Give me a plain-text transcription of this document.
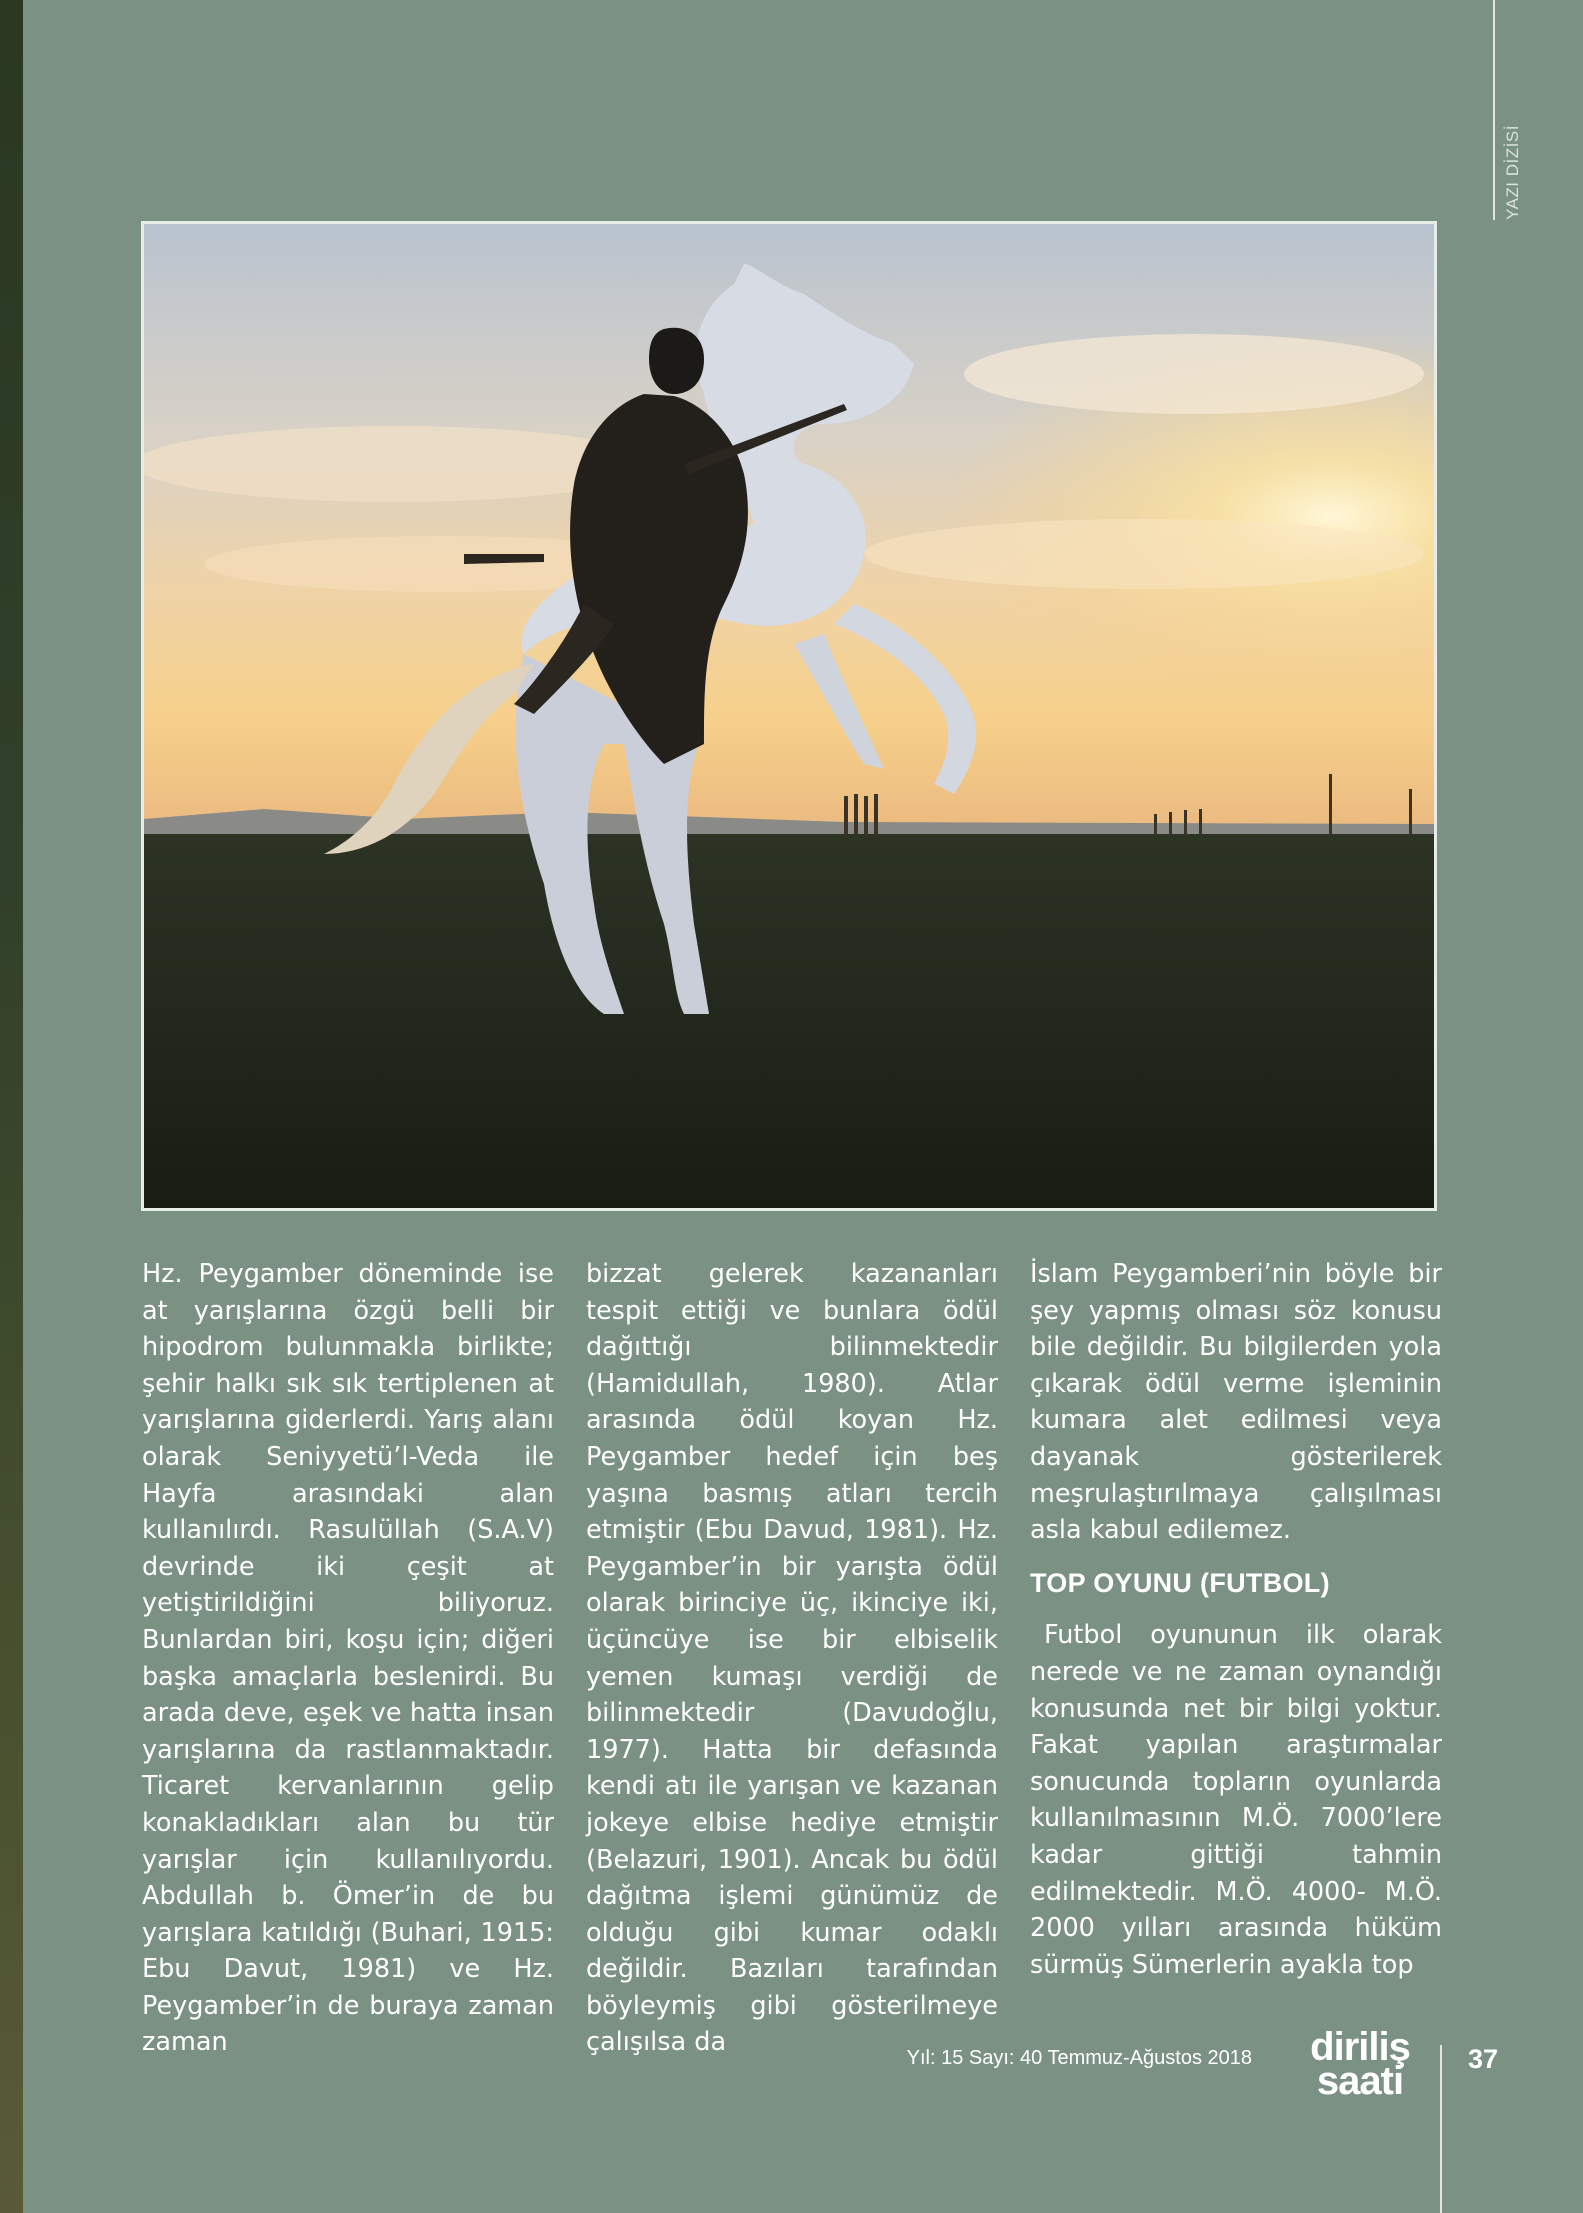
YAZI DİZİSİ

Hz. Peygamber döneminde ise at yarışlarına özgü belli bir hipodrom bulunmakla birlikte; şehir halkı sık sık tertiplenen at yarışlarına giderlerdi. Yarış alanı olarak Seniyyetü’l-Veda ile Hayfa arasındaki alan kullanılırdı. Rasulüllah (S.A.V) devrinde iki çeşit at yetiştirildiğini biliyoruz. Bunlardan biri, koşu için; diğeri başka amaçlarla beslenirdi. Bu arada deve, eşek ve hatta insan yarışlarına da rastlanmaktadır. Ticaret kervanlarının gelip konakladıkları alan bu tür yarışlar için kullanılıyordu. Abdullah b. Ömer’in de bu yarışlara katıldığı (Buhari, 1915: Ebu Davut, 1981) ve Hz. Peygamber’in de buraya zaman zaman

bizzat gelerek kazananları tespit ettiği ve bunlara ödül dağıttığı bilinmektedir (Hamidullah, 1980). Atlar arasında ödül koyan Hz. Peygamber hedef için beş yaşına basmış atları tercih etmiştir (Ebu Davud, 1981). Hz. Peygamber’in bir yarışta ödül olarak birinciye üç, ikinciye iki, üçüncüye ise bir elbiselik yemen kumaşı verdiği de bilinmektedir (Davudoğlu, 1977). Hatta bir defasında kendi atı ile yarışan ve kazanan jokeye elbise hediye etmiştir (Belazuri, 1901). Ancak bu ödül dağıtma işlemi günümüz de olduğu gibi kumar odaklı değildir. Bazıları tarafından böyleymiş gibi gösterilmeye çalışılsa da

İslam Peygamberi’nin böyle bir şey yapmış olması söz konusu bile değildir. Bu bilgilerden yola çıkarak ödül verme işleminin kumara alet edilmesi veya dayanak gösterilerek meşrulaştırılmaya çalışılması asla kabul edilemez.

TOP OYUNU (FUTBOL)

Futbol oyununun ilk olarak nerede ve ne zaman oynandığı konusunda net bir bilgi yoktur. Fakat yapılan araştırmalar sonucunda topların oyunlarda kullanılmasının M.Ö. 7000’lere kadar gittiği tahmin edilmektedir. M.Ö. 4000- M.Ö. 2000 yılları arasında hüküm sürmüş Sümerlerin ayakla top

Yıl: 15 Sayı: 40 Temmuz-Ağustos 2018	diriliş
saati	37
